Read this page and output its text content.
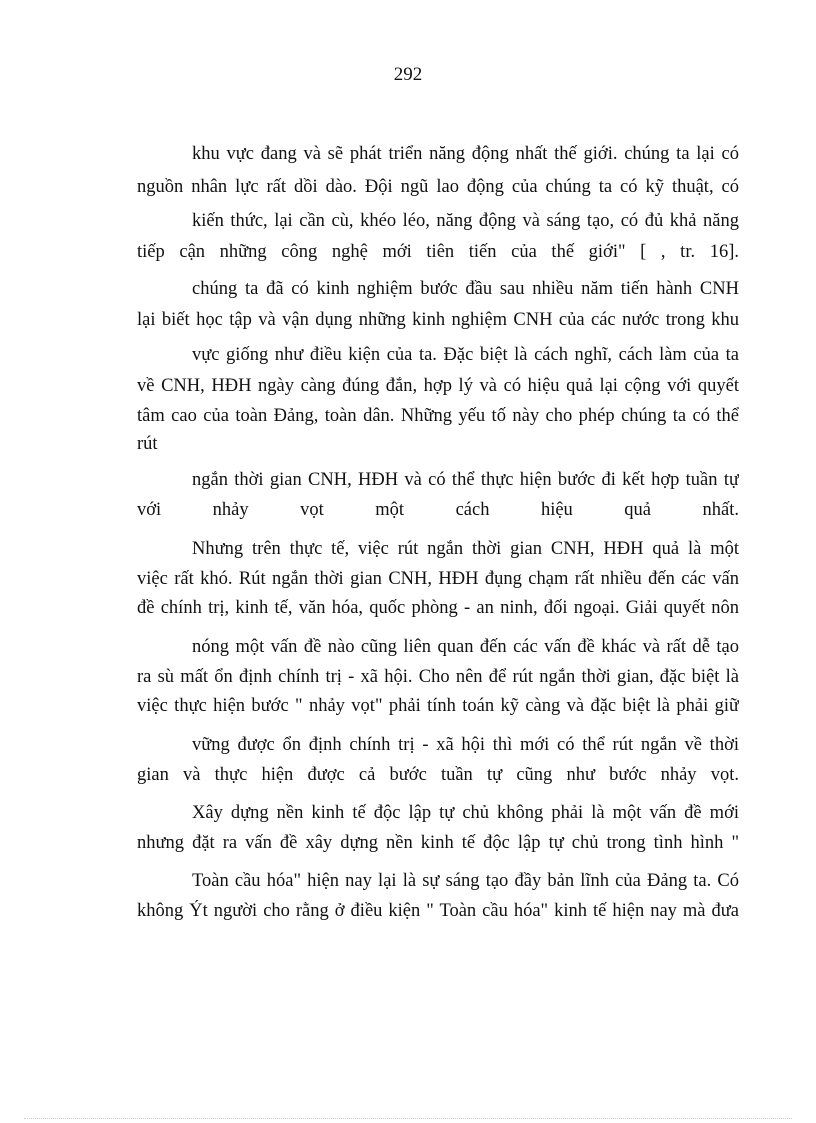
292
khu vực đang và sẽ phát triển năng động nhất thế giới. chúng ta lại có
nguồn nhân lực rất dồi dào. Đội ngũ lao động của chúng ta có kỹ thuật, có
kiến thức, lại cần cù, khéo léo, năng động và sáng tạo, có đủ khả năng
tiếp cận những công nghệ mới tiên tiến của thế giới" [ , tr. 16].
chúng ta đã có kinh nghiệm bước đầu sau nhiều năm tiến hành CNH
lại biết học tập và vận dụng những kinh nghiệm CNH của các nước trong khu
vực giống như điều kiện của ta. Đặc biệt là cách nghĩ, cách làm của ta
về CNH, HĐH ngày càng đúng đắn, hợp lý và có hiệu quả lại cộng với quyết
tâm cao của toàn Đảng, toàn dân. Những yếu tố này cho phép chúng ta có thể
rút
ngắn thời gian CNH, HĐH và có thể thực hiện bước đi kết hợp tuần tự
với nhảy vọt một cách hiệu quả nhất.
Nhưng trên thực tế, việc rút ngắn thời gian CNH, HĐH quả là một
việc rất khó. Rút ngắn thời gian CNH, HĐH đụng chạm rất nhiều đến các vấn
đề chính trị, kinh tế, văn hóa, quốc phòng - an ninh, đối ngoại. Giải quyết nôn
nóng một vấn đề nào cũng liên quan đến các vấn đề khác và rất dễ tạo
ra sù mất ổn định chính trị - xã hội. Cho nên để rút ngắn thời gian, đặc biệt là
việc thực hiện bước " nhảy vọt" phải tính toán kỹ càng và đặc biệt là phải giữ
vững được ổn định chính trị - xã hội thì mới có thể rút ngắn về thời
gian và thực hiện được cả bước tuần tự cũng như bước nhảy vọt.
Xây dựng nền kinh tế độc lập tự chủ không phải là một vấn đề mới
nhưng đặt ra vấn đề xây dựng nền kinh tế độc lập tự chủ trong tình hình "
Toàn cầu hóa" hiện nay lại là sự sáng tạo đầy bản lĩnh của Đảng ta. Có
không Ýt người cho rằng ở điều kiện " Toàn cầu hóa" kinh tế hiện nay mà đưa
